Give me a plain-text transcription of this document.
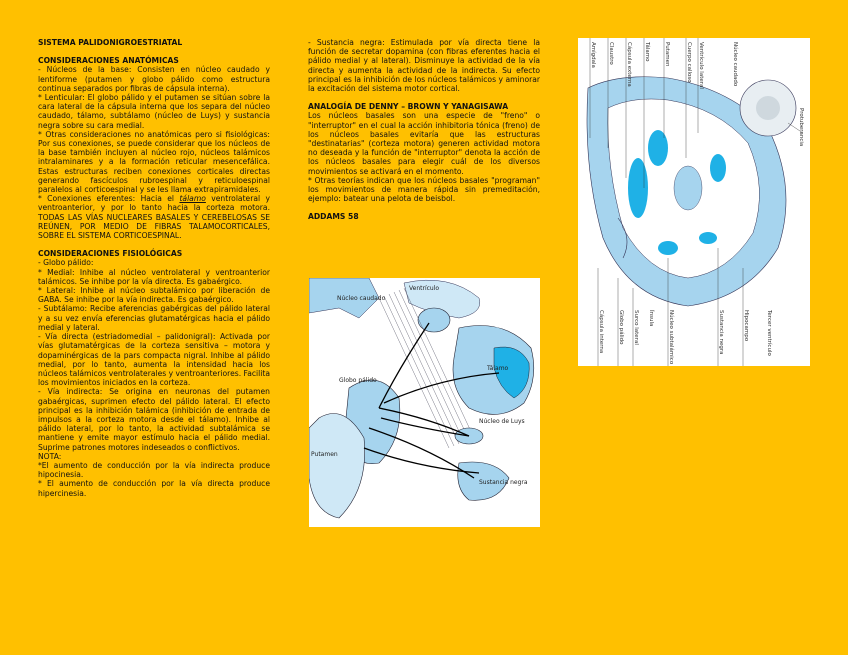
SISTEMA PALIDONIGROESTRIATAL

CONSIDERACIONES ANATÓMICAS

- Núcleos de la base: Consisten en núcleo caudado y lentiforme (putamen y globo pálido como estructura continua separados por fibras de cápsula interna).

* Lenticular: El globo pálido y el putamen se sitúan sobre la cara lateral de la cápsula interna que los separa del núcleo caudado, tálamo, subtálamo (núcleo de Luys) y sustancia negra sobre su cara medial.

* Otras consideraciones no anatómicas pero si fisiológicas: Por sus conexiones, se puede considerar que los núcleos de la base también incluyen al núcleo rojo, núcleos talámicos intralaminares y a la formación reticular mesencefálica. Estas estructuras reciben conexiones corticales directas generando fascículos rubroespinal y reticuloespinal paralelos al corticoespinal y se les llama extrapiramidales.

* Conexiones eferentes: Hacia el tálamo ventrolateral y ventroanterior, y por lo tanto hacia la corteza motora. TODAS LAS VÍAS NUCLEARES BASALES Y CEREBELOSAS SE REÚNEN, POR MEDIO DE FIBRAS TALAMOCORTICALES, SOBRE EL SISTEMA CORTICOESPINAL.

CONSIDERACIONES FISIOLÓGICAS

- Globo pálido:

* Medial: Inhibe al núcleo ventrolateral y ventroanterior talámicos. Se inhibe por la vía directa. Es gabaérgico.

* Lateral: Inhibe al núcleo subtalámico por liberación de GABA. Se inhibe por la vía indirecta. Es gabaérgico.

- Subtálamo: Recibe aferencias gabérgicas del pálido lateral y a su vez envía eferencias glutamatérgicas hacia el pálido medial y lateral.

- Vía directa (estriadomedial – palidonigral): Activada por vías glutamatérgicas de la corteza sensitiva – motora y dopaminérgicas de la pars compacta nigral. Inhibe al pálido medial, por lo tanto, aumenta la intensidad hacia los núcleos talámicos ventrolaterales y ventroanteriores. Facilita los movimientos iniciados en la corteza.

- Vía indirecta: Se origina en neuronas del putamen gabaérgicas, suprimen efecto del pálido lateral. El efecto principal es la inhibición talámica (inhibición de entrada de impulsos a la corteza motora desde el tálamo). Inhibe al pálido lateral, por lo tanto, la actividad subtalámica se mantiene y emite mayor estímulo hacia el pálido medial. Suprime patrones motores indeseados o conflictivos.

NOTA:

*El aumento de conducción por la vía indirecta produce hipocinesia.

* El aumento de conducción por la vía directa produce hipercinesia.

- Sustancia negra: Estimulada por vía directa tiene la función de secretar dopamina (con fibras eferentes hacia el pálido medial y al lateral). Disminuye la actividad de la vía directa y aumenta la actividad de la indirecta. Su efecto principal es la inhibición de los núcleos talámicos y aminorar la excitación del sistema motor cortical.

ANALOGÍA DE DENNY – BROWN Y YANAGISAWA

Los núcleos basales son una especie de "freno" o "interruptor" en el cual la acción inhibitoria tónica (freno) de los núcleos basales evitaría que las estructuras "destinatarias" (corteza motora) generen actividad motora no deseada y la función de "interruptor" denota la acción de los núcleos basales para elegir cuál de los diversos movimientos se activará en el momento.

* Otras teorías indican que los núcleos basales "programan" los movimientos de manera rápida sin premeditación, ejemplo: batear una pelota de beisbol.

ADDAMS 58

Ventrículo
Núcleo caudado
Tálamo
Globo pálido
Putamen
Núcleo de Luys
Sustancia negra
Amígdala Claustro Cápsula externa Tálamo	Putamen	Cuerpo calloso Ventrículo lateral
Cápsula interna	Globo pálido Surco lateral Ínsula	Núcleo subtalámico	Sustancia negra	Hipocampo	Tercer ventrículo
Núcleo caudado
Protuberancia
